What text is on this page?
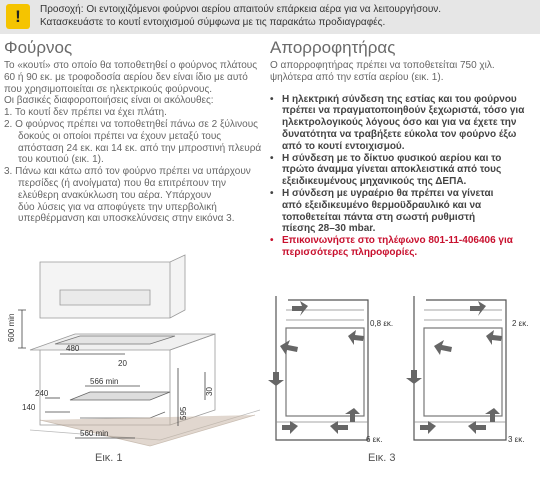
!	Προσοχή: Οι εντοιχιζόμενοι φούρνοι αερίου απαιτούν επάρκεια αέρα για να λειτουργήσουν.
Κατασκευάστε το κουτί εντοιχισμού σύμφωνα με τις παρακάτω προδιαγραφές.
Φούρνος

Το «κουτί» στο οποίο θα τοποθετηθεί ο φούρνος πλάτους

60 ή 90 εκ. με τροφοδοσία αερίου δεν είναι ίδιο με αυτό

που χρησιμοποιείται σε ηλεκτρικούς φούρνους.

Οι βασικές διαφοροποιήσεις είναι οι ακόλουθες:

1. Το κουτί δεν πρέπει να έχει πλάτη.

2. Ο φούρνος πρέπει να τοποθετηθεί πάνω σε 2 ξύλινους

δοκούς οι οποίοι πρέπει να έχουν μεταξύ τους

απόσταση 24 εκ. και 14 εκ. από την μπροστινή πλευρά

του κουτιού (εικ. 1).

3. Πάνω και κάτω από τον φούρνο πρέπει να υπάρχουν

περσίδες (ή ανοίγματα) που θα επιτρέπουν την

ελεύθερη ανακύκλωση του αέρα. Υπάρχουν

δύο λύσεις για να αποφύγετε την υπερβολική

υπερθέρμανση και υποσκελύνσεις στην εικόνα 3.

Απορροφητήρας

Ο απορροφητήρας πρέπει να τοποθετείται 750 χιλ.

ψηλότερα από την εστία αερίου (εικ. 1).

• Η ηλεκτρική σύνδεση της εστίας και του φούρνου
πρέπει να πραγματοποιηθούν ξεχωριστά, τόσο για
ηλεκτρολογικούς λόγους όσο και για να έχετε την
δυνατότητα να τραβήξετε εύκολα τον φούρνο έξω
από το κουτί εντοιχισμού.
• Η σύνδεση με το δίκτυο φυσικού αερίου και το
πρώτο άναμμα γίνεται αποκλειστικά από τους
εξειδικευμένους μηχανικούς της ΔΕΠΑ.
• Η σύνδεση με υγραέριο θα πρέπει να γίνεται
από εξειδικευμένο θερμοϋδραυλικό και να
τοποθετείται πάντα στη σωστή ρυθμιστή
πίεσης 28–30 mbar.
• Επικοινωνήστε στο τηλέφωνο 801-11-406406 για
περισσότερες πληροφορίες.
600 min
480
20
566 min
240
140
560 min
595
30
Εικ. 1
0,8 εκ.
6 εκ.
2 εκ.
3 εκ.
Εικ. 3
